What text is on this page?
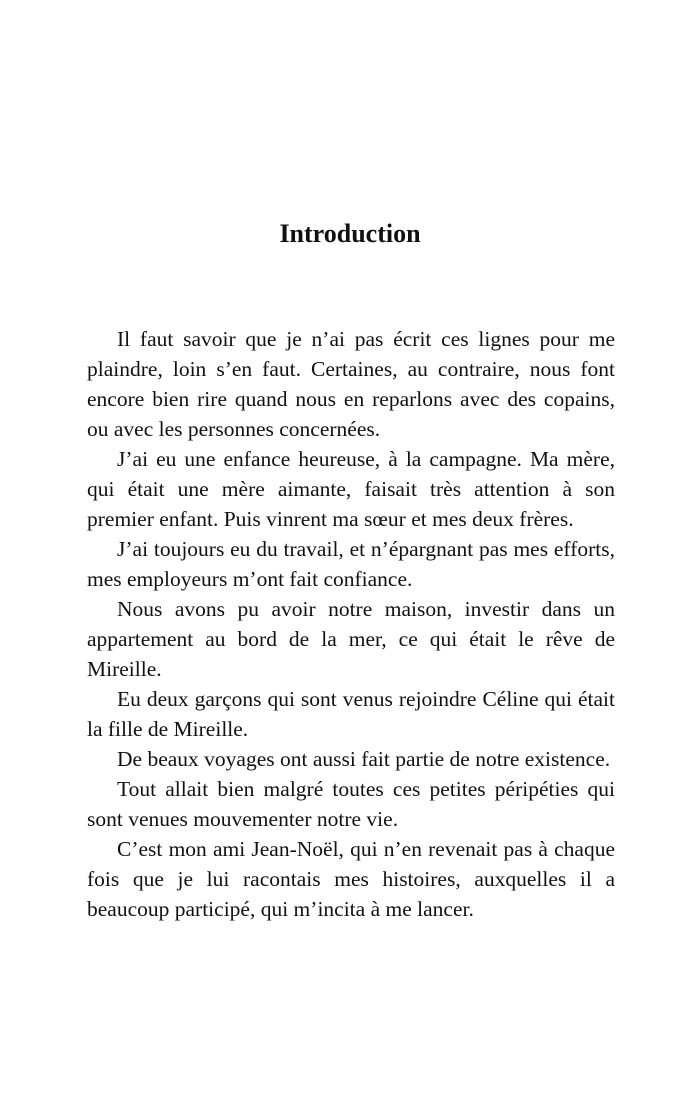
Introduction

Il faut savoir que je n’ai pas écrit ces lignes pour me plaindre, loin s’en faut. Certaines, au contraire, nous font encore bien rire quand nous en reparlons avec des copains, ou avec les personnes concernées.

J’ai eu une enfance heureuse, à la campagne. Ma mère, qui était une mère aimante, faisait très attention à son premier enfant. Puis vinrent ma sœur et mes deux frères.

J’ai toujours eu du travail, et n’épargnant pas mes efforts, mes employeurs m’ont fait confiance.

Nous avons pu avoir notre maison, investir dans un appartement au bord de la mer, ce qui était le rêve de Mireille.

Eu deux garçons qui sont venus rejoindre Céline qui était la fille de Mireille.

De beaux voyages ont aussi fait partie de notre existence.

Tout allait bien malgré toutes ces petites péripéties qui sont venues mouvementer notre vie.

C’est mon ami Jean-Noël, qui n’en revenait pas à chaque fois que je lui racontais mes histoires, auxquelles il a beaucoup participé, qui m’incita à me lancer.
